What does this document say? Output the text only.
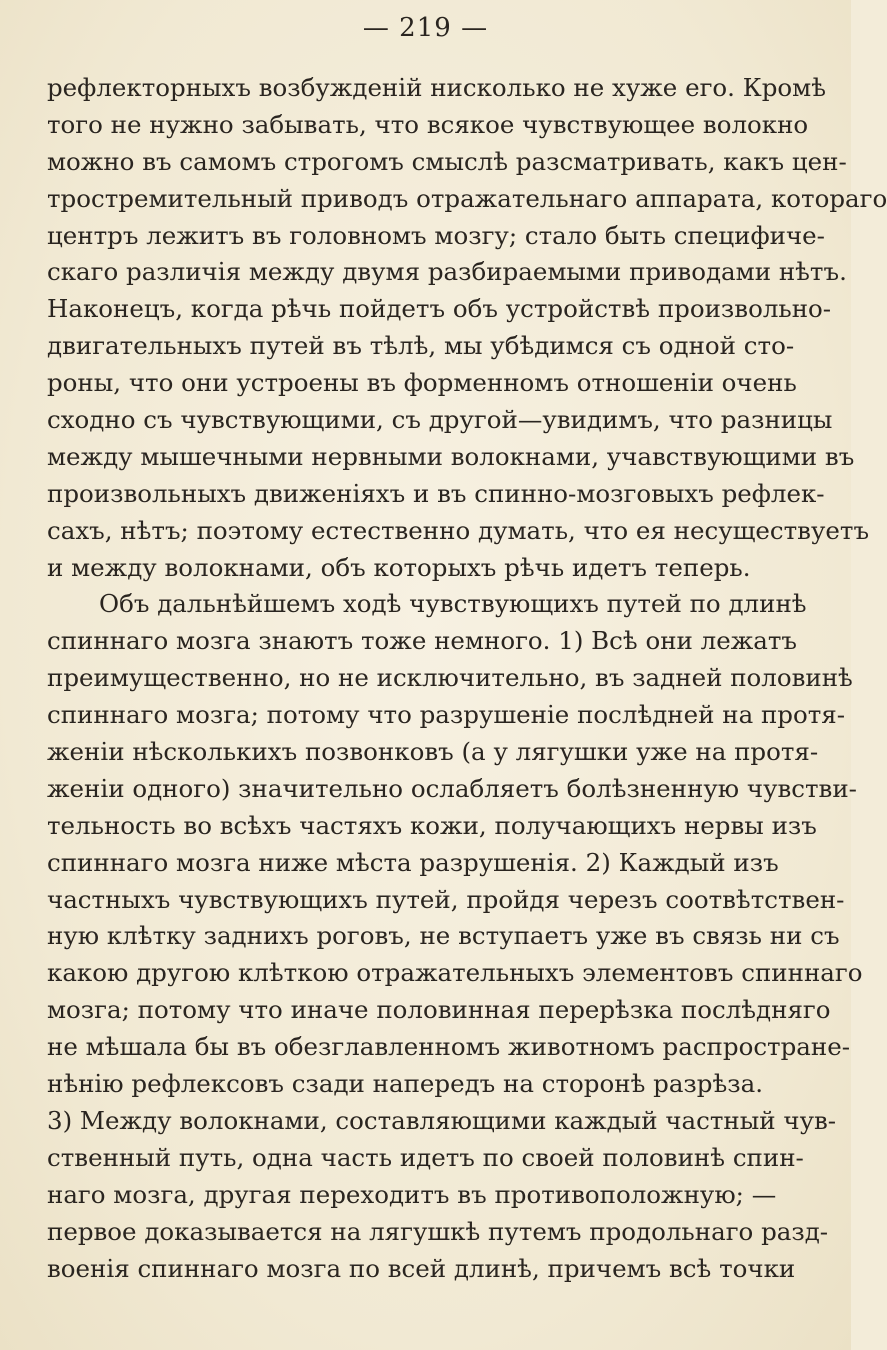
— 219 —
рефлекторныхъ возбужденій нисколько не хуже его. Кромѣ
того не нужно забывать, что всякое чувствующее волокно
можно въ самомъ строгомъ смыслѣ разсматривать, какъ цен-
тростремительный приводъ отражательнаго аппарата, котораго
центръ лежитъ въ головномъ мозгу; стало быть специфиче-
скаго различія между двумя разбираемыми приводами нѣтъ.
Наконецъ, когда рѣчь пойдетъ объ устройствѣ произвольно-
двигательныхъ путей въ тѣлѣ, мы убѣдимся съ одной сто-
роны, что они устроены въ форменномъ отношеніи очень
сходно съ чувствующими, съ другой—увидимъ, что разницы
между мышечными нервными волокнами, учавствующими въ
произвольныхъ движеніяхъ и въ спинно-мозговыхъ рефлек-
сахъ, нѣтъ; поэтому естественно думать, что ея несуществуетъ
и между волокнами, объ которыхъ рѣчь идетъ теперь.
Объ дальнѣйшемъ ходѣ чувствующихъ путей по длинѣ
спиннаго мозга знаютъ тоже немного. 1) Всѣ они лежатъ
преимущественно, но не исключительно, въ задней половинѣ
спиннаго мозга; потому что разрушеніе послѣдней на протя-
женіи нѣсколькихъ позвонковъ (а у лягушки уже на протя-
женіи одного) значительно ослабляетъ болѣзненную чувстви-
тельность во всѣхъ частяхъ кожи, получающихъ нервы изъ
спиннаго мозга ниже мѣста разрушенія. 2) Каждый изъ
частныхъ чувствующихъ путей, пройдя черезъ соотвѣтствен-
ную клѣтку заднихъ роговъ, не вступаетъ уже въ связь ни съ
какою другою клѣткою отражательныхъ элементовъ спиннаго
мозга; потому что иначе половинная перерѣзка послѣдняго
не мѣшала бы въ обезглавленномъ животномъ распростране-
нѣнію рефлексовъ сзади напередъ на сторонѣ разрѣза.
3) Между волокнами, составляющими каждый частный чув-
ственный путь, одна часть идетъ по своей половинѣ спин-
наго мозга, другая переходитъ въ противоположную; —
первое доказывается на лягушкѣ путемъ продольнаго разд-
военія спиннаго мозга по всей длинѣ, причемъ всѣ точки
